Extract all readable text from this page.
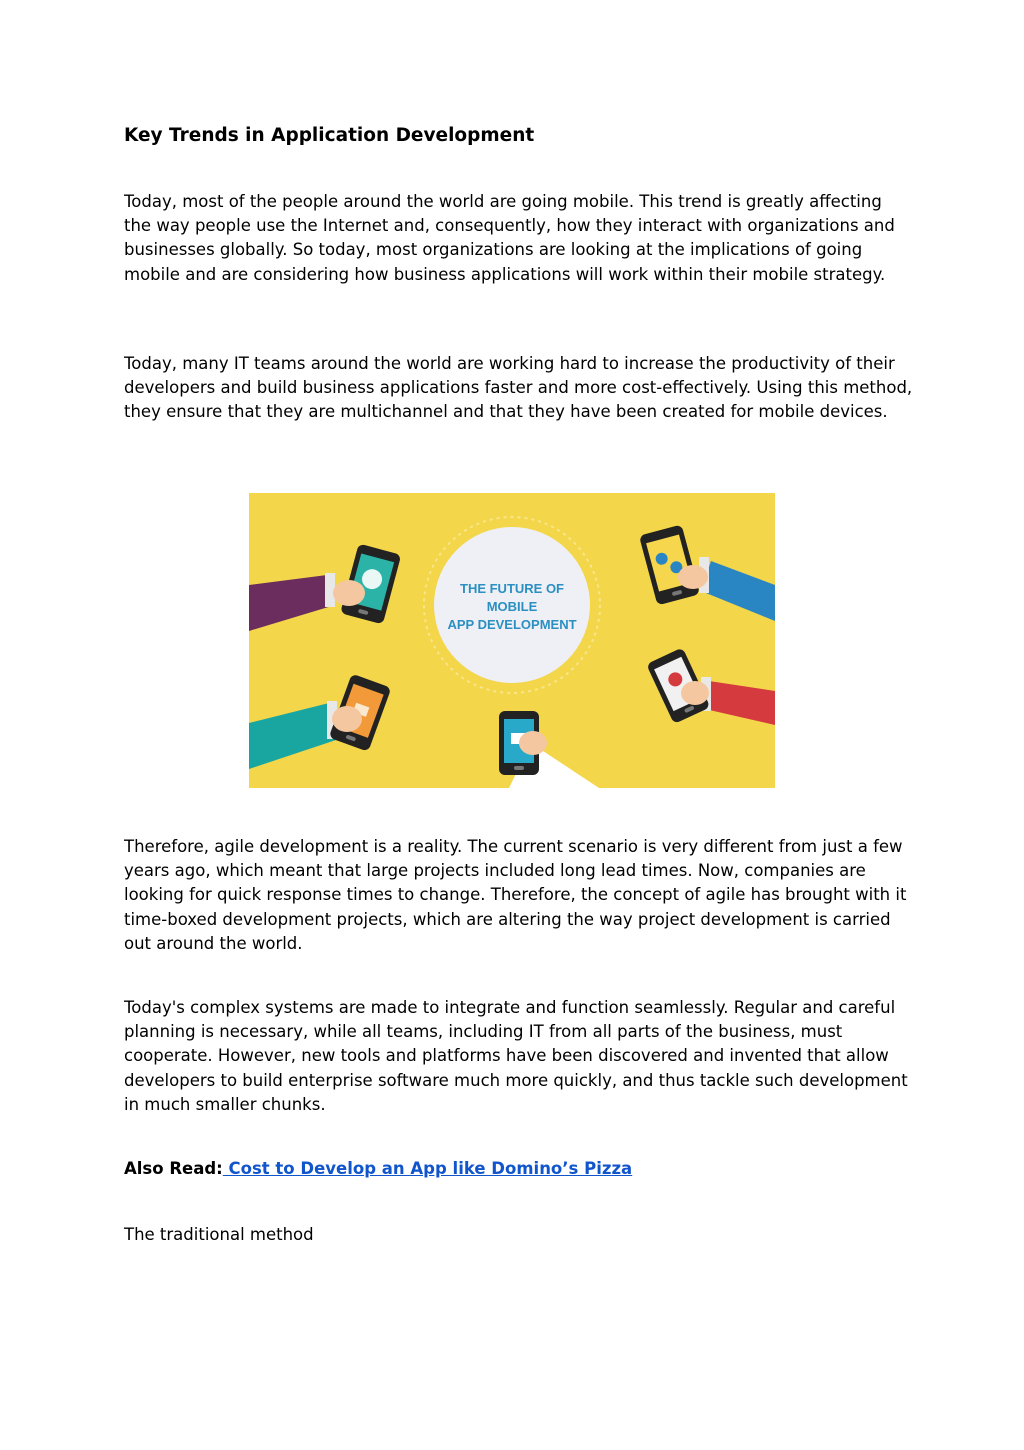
Key Trends in Application Development

Today, most of the people around the world are going mobile. This trend is greatly affecting the way people use the Internet and, consequently, how they interact with organizations and businesses globally. So today, most organizations are looking at the implications of going mobile and are considering how business applications will work within their mobile strategy.

Today, many IT teams around the world are working hard to increase the productivity of their developers and build business applications faster and more cost-effectively. Using this method, they ensure that they are multichannel and that they have been created for mobile devices.

THE FUTURE OF
MOBILE
APP DEVELOPMENT

Therefore, agile development is a reality. The current scenario is very different from just a few years ago, which meant that large projects included long lead times. Now, companies are looking for quick response times to change. Therefore, the concept of agile has brought with it time-boxed development projects, which are altering the way project development is carried out around the world.

Today's complex systems are made to integrate and function seamlessly. Regular and careful planning is necessary, while all teams, including IT from all parts of the business, must cooperate. However, new tools and platforms have been discovered and invented that allow developers to build enterprise software much more quickly, and thus tackle such development in much smaller chunks.

Also Read: Cost to Develop an App like Domino’s Pizza

The traditional method
